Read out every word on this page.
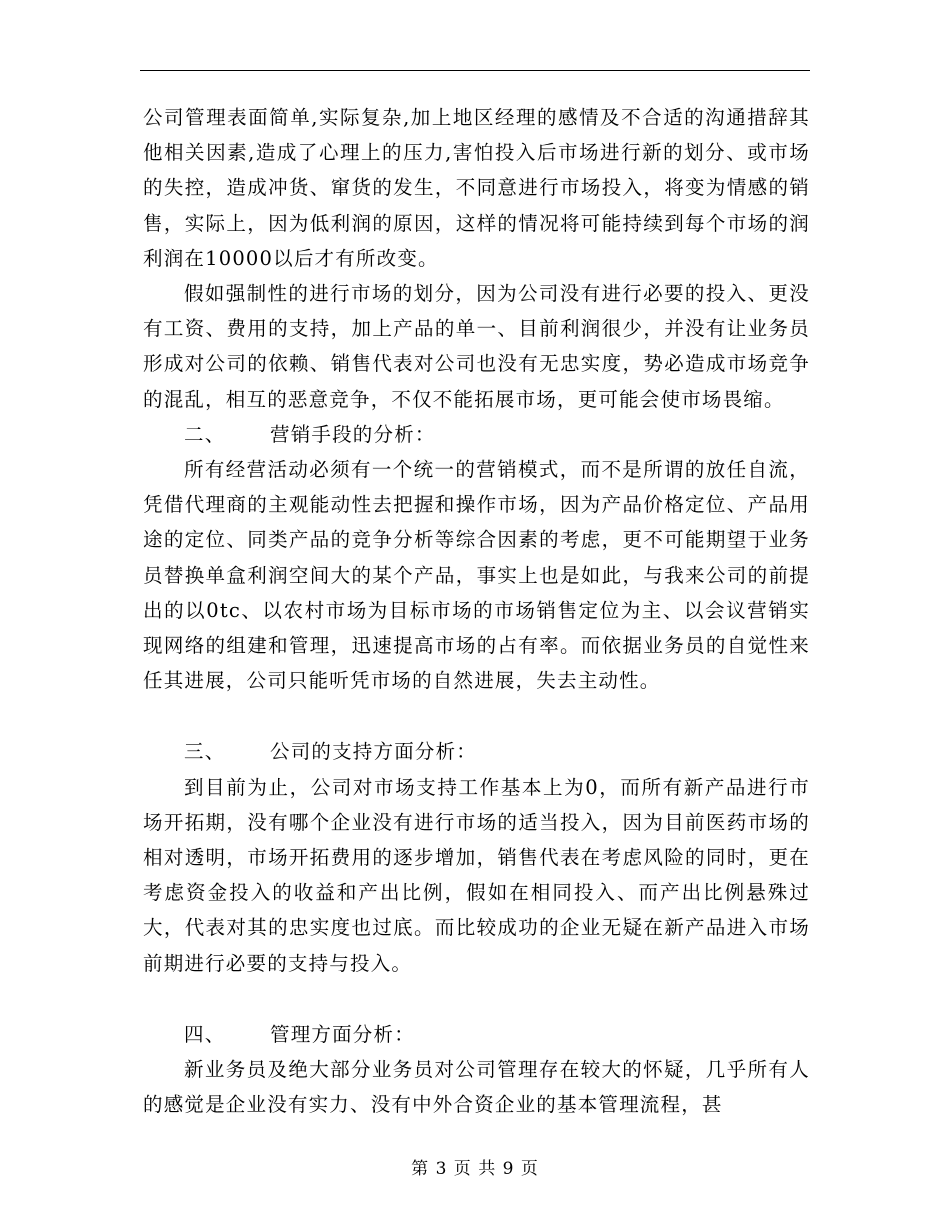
公司管理表面简单,实际复杂,加上地区经理的感情及不合适的沟通措辞其他相关因素,造成了心理上的压力,害怕投入后市场进行新的划分、或市场的失控，造成冲货、窜货的发生，不同意进行市场投入，将变为情感的销售，实际上，因为低利润的原因，这样的情况将可能持续到每个市场的润利润在10000以后才有所改变。

假如强制性的进行市场的划分，因为公司没有进行必要的投入、更没有工资、费用的支持，加上产品的单一、目前利润很少，并没有让业务员形成对公司的依赖、销售代表对公司也没有无忠实度，势必造成市场竞争的混乱，相互的恶意竞争，不仅不能拓展市场，更可能会使市场畏缩。

二、 营销手段的分析：

所有经营活动必须有一个统一的营销模式，而不是所谓的放任自流，凭借代理商的主观能动性去把握和操作市场，因为产品价格定位、产品用途的定位、同类产品的竞争分析等综合因素的考虑，更不可能期望于业务员替换单盒利润空间大的某个产品，事实上也是如此，与我来公司的前提出的以0tc、以农村市场为目标市场的市场销售定位为主、以会议营销实现网络的组建和管理，迅速提高市场的占有率。而依据业务员的自觉性来任其进展，公司只能听凭市场的自然进展，失去主动性。

三、 公司的支持方面分析：

到目前为止，公司对市场支持工作基本上为0，而所有新产品进行市场开拓期，没有哪个企业没有进行市场的适当投入，因为目前医药市场的相对透明，市场开拓费用的逐步增加，销售代表在考虑风险的同时，更在考虑资金投入的收益和产出比例，假如在相同投入、而产出比例悬殊过大，代表对其的忠实度也过底。而比较成功的企业无疑在新产品进入市场前期进行必要的支持与投入。

四、 管理方面分析：

新业务员及绝大部分业务员对公司管理存在较大的怀疑，几乎所有人的感觉是企业没有实力、没有中外合资企业的基本管理流程，甚

第 3 页 共 9 页
